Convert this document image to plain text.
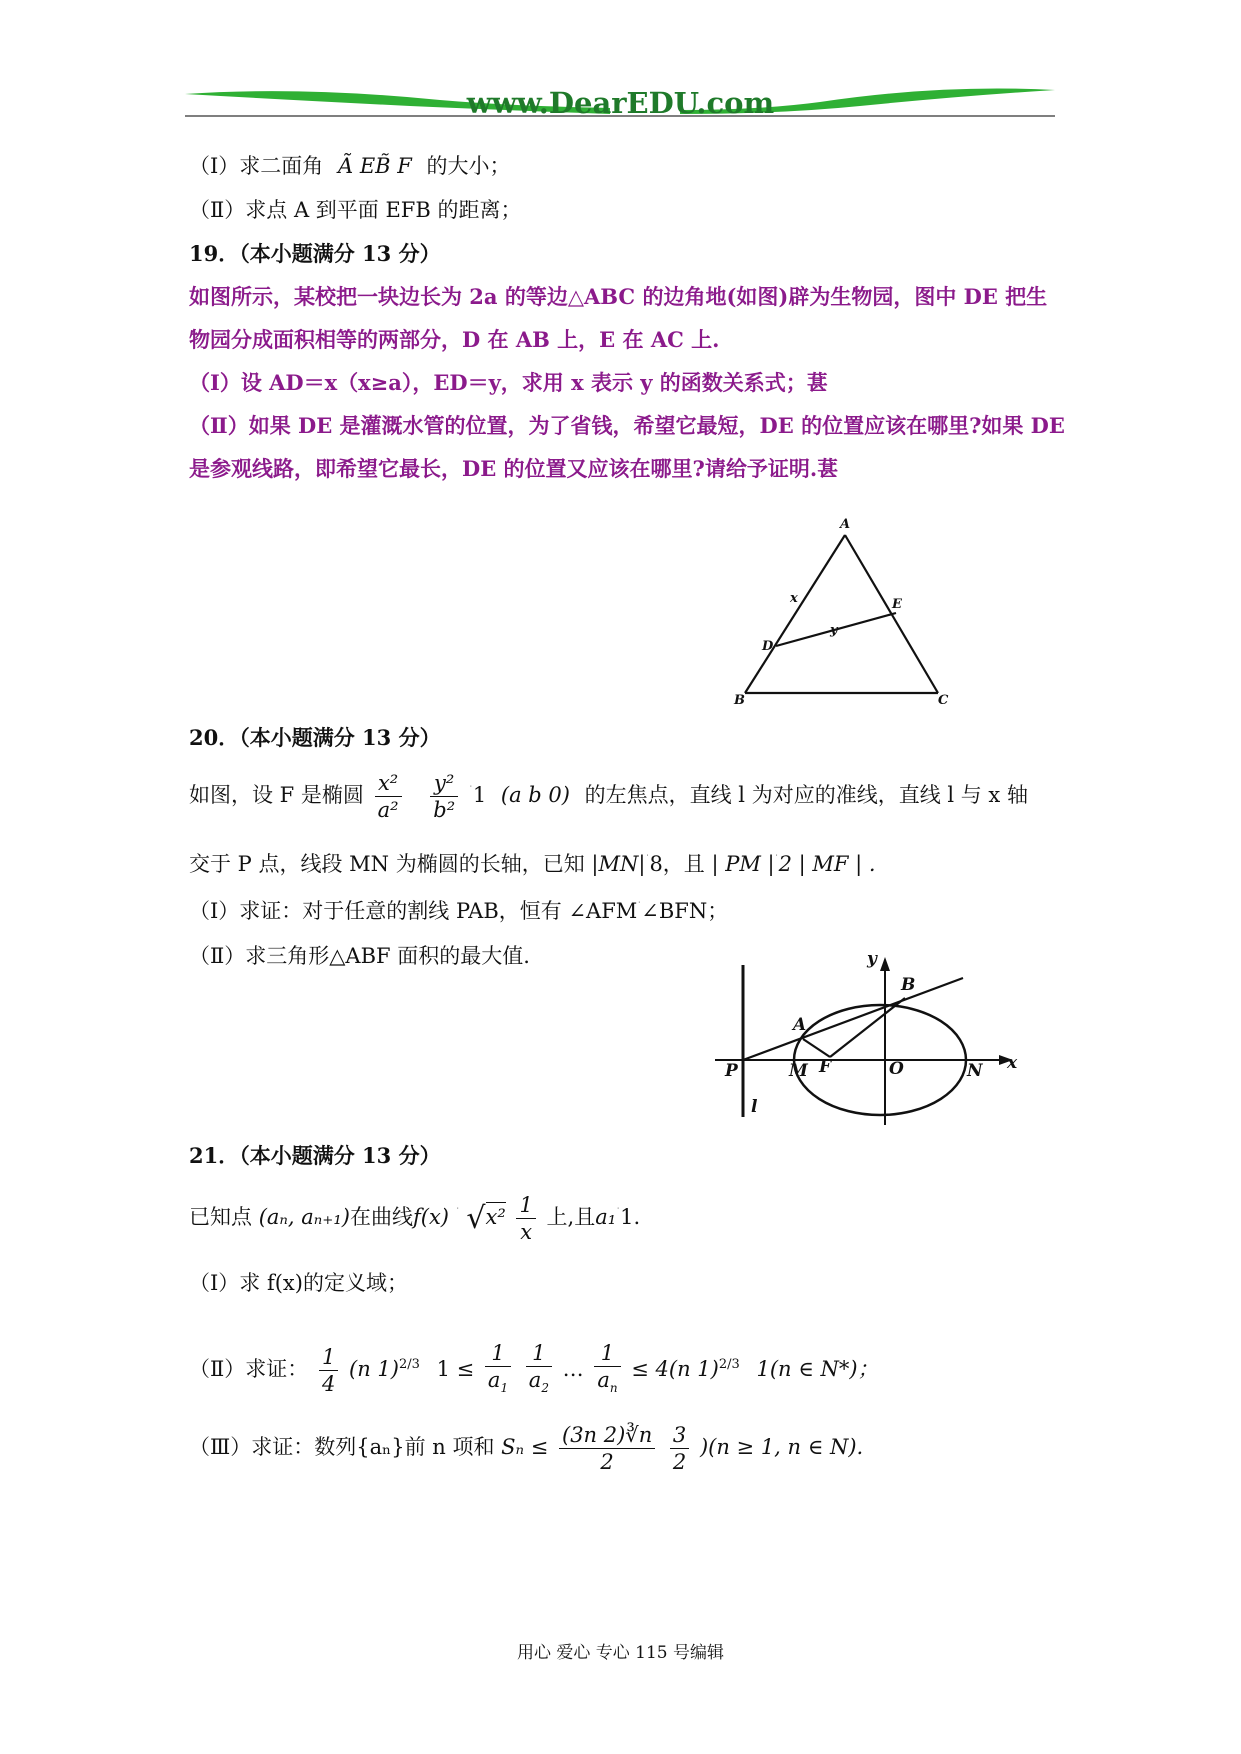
www.DearEDU.com
（Ⅰ）求二面角 Ã EB̃ F 的大小；
（Ⅱ）求点 A 到平面 EFB 的距离；
19．（本小题满分 13 分）
如图所示，某校把一块边长为 2a 的等边△ABC 的边角地(如图)辟为生物园，图中 DE 把生
物园分成面积相等的两部分，D 在 AB 上，E 在 AC 上.
（Ⅰ）设 AD＝x（x≥a），ED＝y，求用 x 表示 y 的函数关系式；葚
（Ⅱ）如果 DE 是灌溉水管的位置，为了省钱，希望它最短，DE 的位置应该在哪里?如果 DE
是参观线路，即希望它最长，DE 的位置又应该在哪里?请给予证明.葚
A
x	E
y
D
B	C
20．（本小题满分 13 分）
如图，设 F 是椭圆 $\frac{\text{x²}}{\text{a²}}$
$\frac{\text{y²}}{\text{b²}} 1$ (a b 0) 的左焦点，直线 l 为对应的准线，直线 l 与 x 轴
交于 P 点，线段 MN 为椭圆的长轴，已知 |MN| 8，且 | PM | 2 | MF | .
（Ⅰ）求证：对于任意的割线 PAB，恒有 ∠AFM ∠BFN；
（Ⅱ）求三角形△ABF 面积的最大值.	y
x
P	M F	O	N
A
B
l
21．（本小题满分 13 分）
已知点 (aₙ, aₙ₊₁)在曲线f(x) $√x^2 \frac{1}{x}$ 上,且a₁ 1.
（Ⅰ）求 f(x)的定义域；
（Ⅱ）求证： $\frac{1}{4} (n$ 1)$^{2/3}$ $1 \le \frac{1}{a_1}$
$\frac{1}{a_2}$ … $\frac{1}{a_n} \le 4(n$ 1)$^{2/3}$ 1(n ∈ N*)；
（Ⅲ）求证：数列{aₙ}前 n 项和 $S_n \le \frac{(3n 2)∛n}{2}$
$\frac{3}{2} )(n \ge 1$, n ∈ N).
用心 爱心 专心 115 号编辑
